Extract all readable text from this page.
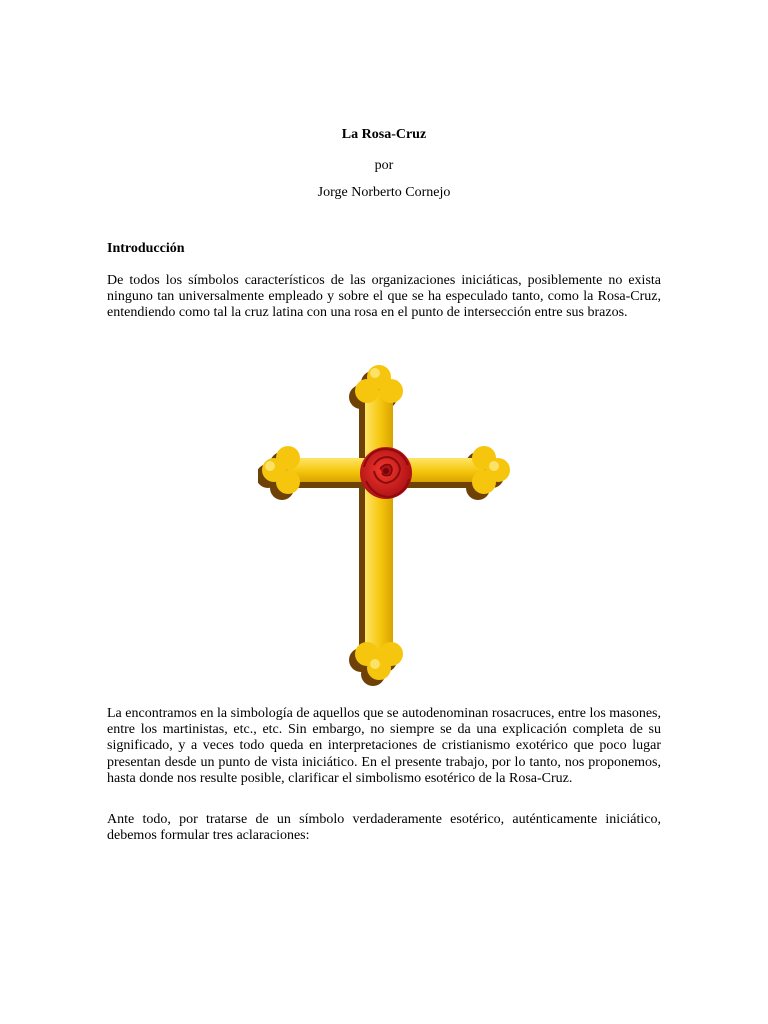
La Rosa-Cruz
por
Jorge Norberto Cornejo
Introducción

De todos los símbolos característicos de las organizaciones iniciáticas, posiblemente no exista ninguno tan universalmente empleado y sobre el que se ha especulado tanto, como la Rosa-Cruz, entendiendo como tal la cruz latina con una rosa en el punto de intersección entre sus brazos.

La encontramos en la simbología de aquellos que se autodenominan rosacruces, entre los masones, entre los martinistas, etc., etc. Sin embargo, no siempre se da una explicación completa de su significado, y a veces todo queda en interpretaciones de cristianismo exotérico que poco lugar presentan desde un punto de vista iniciático. En el presente trabajo, por lo tanto, nos proponemos, hasta donde nos resulte posible, clarificar el simbolismo esotérico de la Rosa-Cruz.

Ante todo, por tratarse de un símbolo verdaderamente esotérico, auténticamente iniciático, debemos formular tres aclaraciones:
